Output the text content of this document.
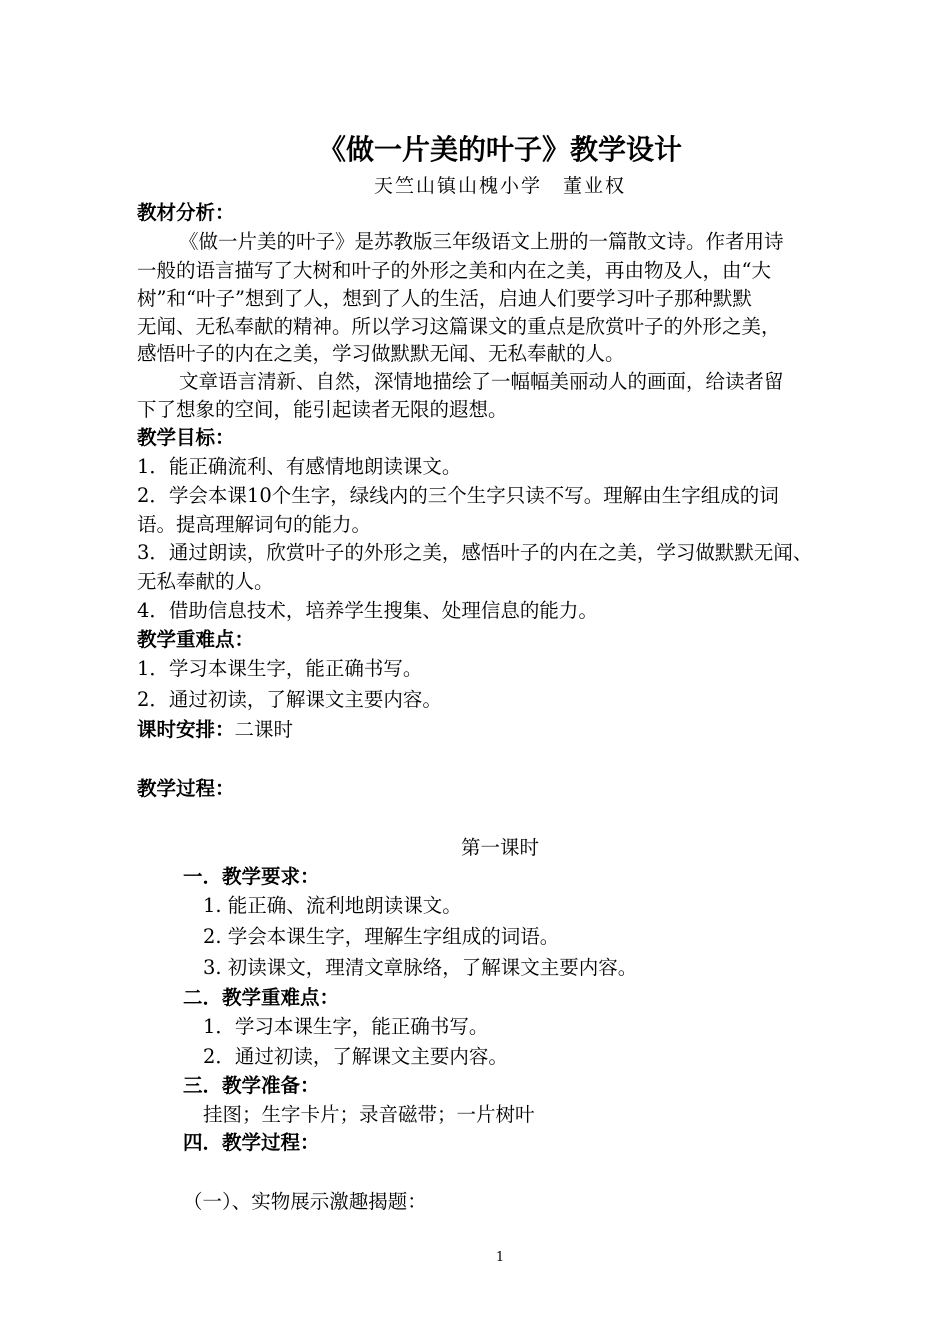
《做一片美的叶子》教学设计
天竺山镇山槐小学　董业权
教材分析：
《做一片美的叶子》是苏教版三年级语文上册的一篇散文诗。作者用诗
一般的语言描写了大树和叶子的外形之美和内在之美，再由物及人，由“大
树”和“叶子”想到了人，想到了人的生活，启迪人们要学习叶子那种默默
无闻、无私奉献的精神。所以学习这篇课文的重点是欣赏叶子的外形之美，
感悟叶子的内在之美，学习做默默无闻、无私奉献的人。
文章语言清新、自然，深情地描绘了一幅幅美丽动人的画面，给读者留
下了想象的空间，能引起读者无限的遐想。
教学目标：
1．能正确流利、有感情地朗读课文。
2．学会本课10个生字，绿线内的三个生字只读不写。理解由生字组成的词
语。提高理解词句的能力。
3．通过朗读，欣赏叶子的外形之美，感悟叶子的内在之美，学习做默默无闻、
无私奉献的人。
4．借助信息技术，培养学生搜集、处理信息的能力。
教学重难点：
1．学习本课生字，能正确书写。
2．通过初读，了解课文主要内容。
课时安排：二课时
教学过程：
第一课时
一．教学要求：
1. 能正确、流利地朗读课文。
2. 学会本课生字，理解生字组成的词语。
3. 初读课文，理清文章脉络，了解课文主要内容。
二．教学重难点：
1．学习本课生字，能正确书写。
2．通过初读，了解课文主要内容。
三．教学准备：
挂图；生字卡片；录音磁带；一片树叶
四．教学过程：
（一）、实物展示激趣揭题：
1
